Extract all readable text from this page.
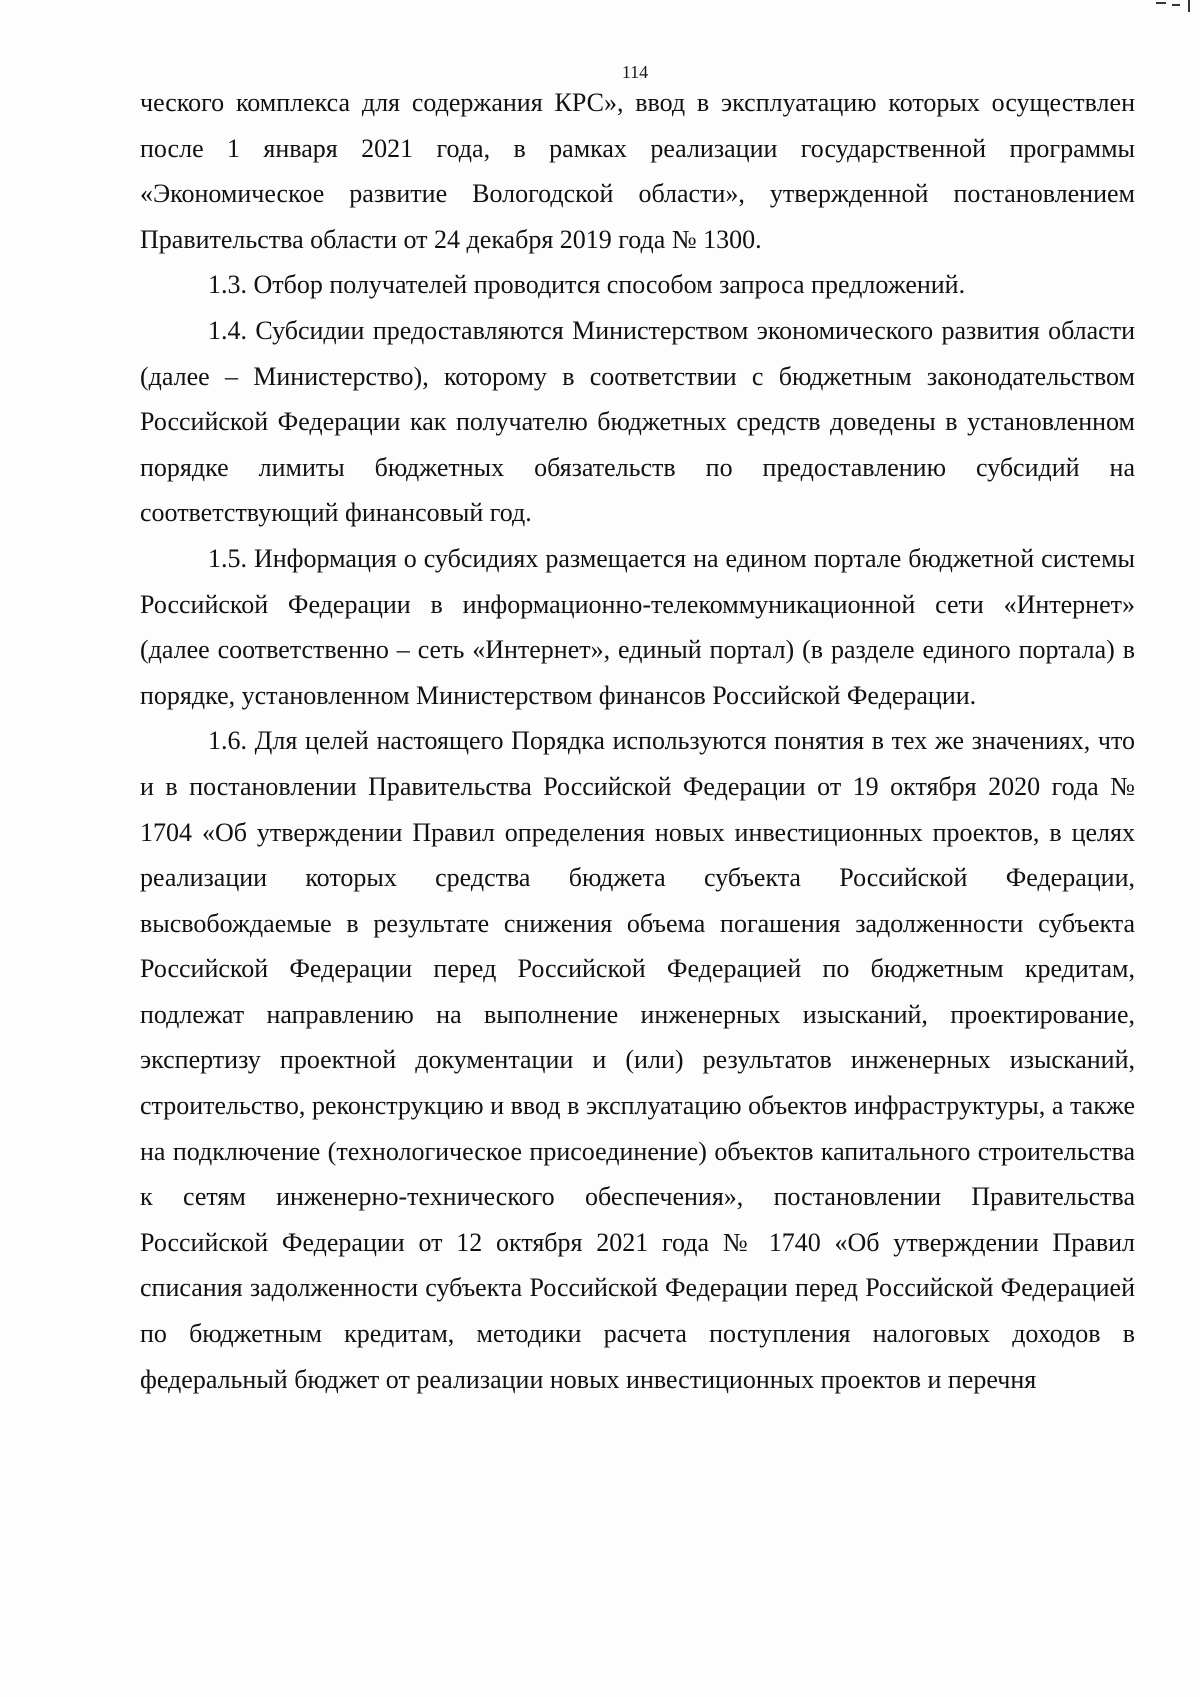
114

ческого комплекса для содержания КРС», ввод в эксплуатацию которых осуществлен после 1 января 2021 года, в рамках реализации государственной программы «Экономическое развитие Вологодской области», утвержденной постановлением Правительства области от 24 декабря 2019 года № 1300.

1.3. Отбор получателей проводится способом запроса предложений.

1.4. Субсидии предоставляются Министерством экономического развития области (далее – Министерство), которому в соответствии с бюджетным законодательством Российской Федерации как получателю бюджетных средств доведены в установленном порядке лимиты бюджетных обязательств по предоставлению субсидий на соответствующий финансовый год.

1.5. Информация о субсидиях размещается на едином портале бюджетной системы Российской Федерации в информационно-телекоммуникационной сети «Интернет» (далее соответственно – сеть «Интернет», единый портал) (в разделе единого портала) в порядке, установленном Министерством финансов Российской Федерации.

1.6. Для целей настоящего Порядка используются понятия в тех же значениях, что и в постановлении Правительства Российской Федерации от 19 октября 2020 года № 1704 «Об утверждении Правил определения новых инвестиционных проектов, в целях реализации которых средства бюджета субъекта Российской Федерации, высвобождаемые в результате снижения объема погашения задолженности субъекта Российской Федерации перед Российской Федерацией по бюджетным кредитам, подлежат направлению на выполнение инженерных изысканий, проектирование, экспертизу проектной документации и (или) результатов инженерных изысканий, строительство, реконструкцию и ввод в эксплуатацию объектов инфраструктуры, а также на подключение (технологическое присоединение) объектов капитального строительства к сетям инженерно-технического обеспечения», постановлении Правительства Российской Федерации от 12 октября 2021 года № 1740 «Об утверждении Правил списания задолженности субъекта Российской Федерации перед Российской Федерацией по бюджетным кредитам, методики расчета поступления налоговых доходов в федеральный бюджет от реализации новых инвестиционных проектов и перечня
